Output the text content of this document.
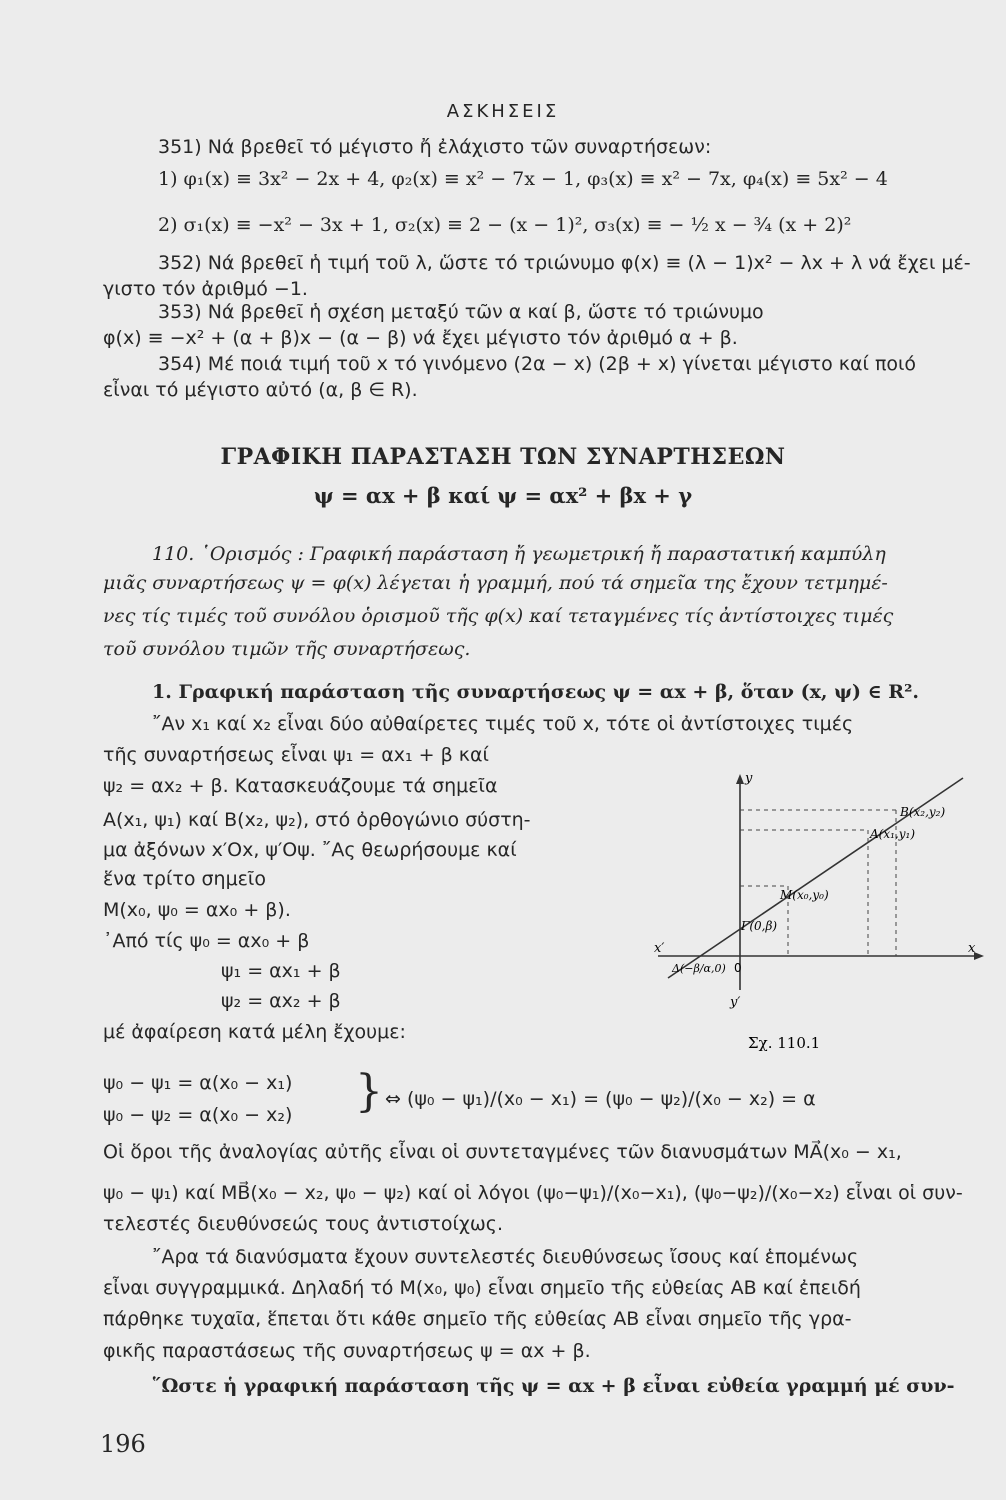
ΑΣΚΗΣΕΙΣ
351) Νά βρεθεῖ τό μέγιστο ἤ ἐλάχιστο τῶν συναρτήσεων:
1) φ₁(x) ≡ 3x² − 2x + 4, φ₂(x) ≡ x² − 7x − 1, φ₃(x) ≡ x² − 7x, φ₄(x) ≡ 5x² − 4
2) σ₁(x) ≡ −x² − 3x + 1, σ₂(x) ≡ 2 − (x − 1)², σ₃(x) ≡ − ½ x − ¾ (x + 2)²
352) Νά βρεθεῖ ἡ τιμή τοῦ λ, ὥστε τό τριώνυμο φ(x) ≡ (λ − 1)x² − λx + λ νά ἔχει μέ-
γιστο τόν ἀριθμό −1.
353) Νά βρεθεῖ ἡ σχέση μεταξύ τῶν α καί β, ὥστε τό τριώνυμο
φ(x) ≡ −x² + (α + β)x − (α − β) νά ἔχει μέγιστο τόν ἀριθμό α + β.
354) Μέ ποιά τιμή τοῦ x τό γινόμενο (2α − x) (2β + x) γίνεται μέγιστο καί ποιό
εἶναι τό μέγιστο αὐτό (α, β ∈ R).
ΓΡΑΦΙΚΗ ΠΑΡΑΣΤΑΣΗ ΤΩΝ ΣΥΝΑΡΤΗΣΕΩΝ
ψ = αx + β καί ψ = αx² + βx + γ
110. ῾Ορισμός : Γραφική παράσταση ἤ γεωμετρική ἤ παραστατική καμπύλη
μιᾶς συναρτήσεως ψ = φ(x) λέγεται ἡ γραμμή, πού τά σημεῖα της ἔχουν τετμημέ-
νες τίς τιμές τοῦ συνόλου ὁρισμοῦ τῆς φ(x) καί τεταγμένες τίς ἀντίστοιχες τιμές
τοῦ συνόλου τιμῶν τῆς συναρτήσεως.
1. Γραφική παράσταση τῆς συναρτήσεως ψ = αx + β, ὅταν (x, ψ) ∈ R².
῎Αν x₁ καί x₂ εἶναι δύο αὐθαίρετες τιμές τοῦ x, τότε οἱ ἀντίστοιχες τιμές
τῆς συναρτήσεως εἶναι ψ₁ = αx₁ + β καί
ψ₂ = αx₂ + β. Κατασκευάζουμε τά σημεῖα
A(x₁, ψ₁) καί B(x₂, ψ₂), στό ὀρθογώνιο σύστη-
μα ἀξόνων x′Ox, ψ′Oψ. ῎Ας θεωρήσουμε καί
ἕνα τρίτο σημεῖο
M(x₀, ψ₀ = αx₀ + β).
᾿Από τίς ψ₀ = αx₀ + β
ψ₁ = αx₁ + β
ψ₂ = αx₂ + β
μέ ἀφαίρεση κατά μέλη ἔχουμε:
ψ₀ − ψ₁ = α(x₀ − x₁)
ψ₀ − ψ₂ = α(x₀ − x₂) } ⇔ (ψ₀ − ψ₁)/(x₀ − x₁) = (ψ₀ − ψ₂)/(x₀ − x₂) = α
Οἱ ὅροι τῆς ἀναλογίας αὐτῆς εἶναι οἱ συντεταγμένες τῶν διανυσμάτων MA⃗(x₀ − x₁,
ψ₀ − ψ₁) καί MB⃗(x₀ − x₂, ψ₀ − ψ₂) καί οἱ λόγοι (ψ₀−ψ₁)/(x₀−x₁), (ψ₀−ψ₂)/(x₀−x₂) εἶναι οἱ συν-
τελεστές διευθύνσεώς τους ἀντιστοίχως.
῎Αρα τά διανύσματα ἔχουν συντελεστές διευθύνσεως ἴσους καί ἑπομένως
εἶναι συγγραμμικά. Δηλαδή τό M(x₀, ψ₀) εἶναι σημεῖο τῆς εὐθείας AB καί ἐπειδή
πάρθηκε τυχαῖα, ἕπεται ὅτι κάθε σημεῖο τῆς εὐθείας AB εἶναι σημεῖο τῆς γρα-
φικῆς παραστάσεως τῆς συναρτήσεως ψ = αx + β.
῞Ωστε ἡ γραφική παράσταση τῆς ψ = αx + β εἶναι εὐθεία γραμμή μέ συν-
y
y′
x
x′
0
B(x₂,y₂)
A(x₁,y₁)
M(x₀,y₀)
Γ(0,β)
Δ(−β/α,0)
Σχ. 110.1
196
